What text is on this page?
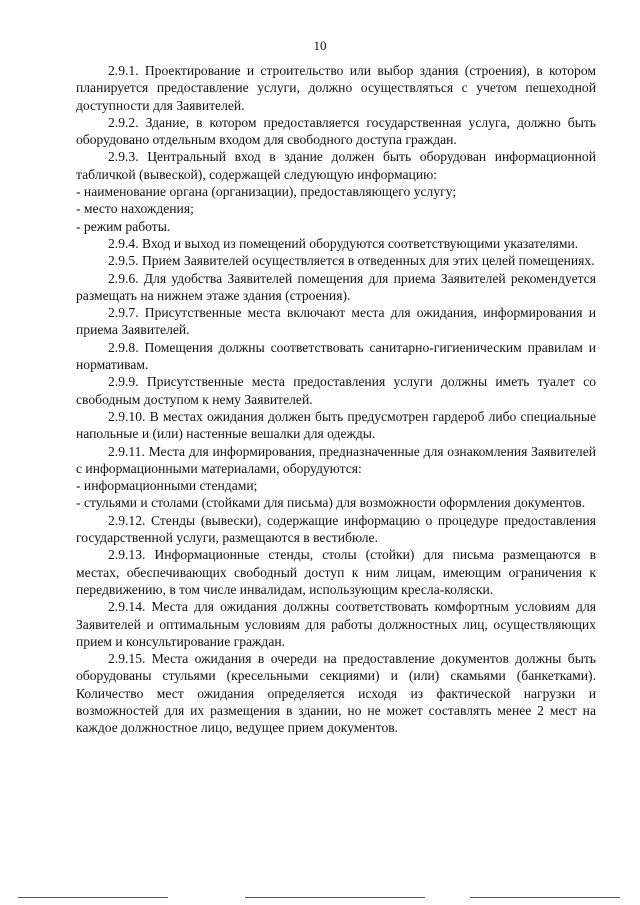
10

2.9.1. Проектирование и строительство или выбор здания (строения), в котором планируется предоставление услуги, должно осуществляться с учетом пешеходной доступности для Заявителей.

2.9.2. Здание, в котором предоставляется государственная услуга, должно быть оборудовано отдельным входом для свободного доступа граждан.

2.9.3. Центральный вход в здание должен быть оборудован информационной табличкой (вывеской), содержащей следующую информацию:

- наименование органа (организации), предоставляющего услугу;

- место нахождения;

- режим работы.

2.9.4. Вход и выход из помещений оборудуются соответствующими указателями.

2.9.5. Прием Заявителей осуществляется в отведенных для этих целей помещениях.

2.9.6. Для удобства Заявителей помещения для приема Заявителей рекомендуется размещать на нижнем этаже здания (строения).

2.9.7. Присутственные места включают места для ожидания, информирования и приема Заявителей.

2.9.8. Помещения должны соответствовать санитарно-гигиеническим правилам и нормативам.

2.9.9. Присутственные места предоставления услуги должны иметь туалет со свободным доступом к нему Заявителей.

2.9.10. В местах ожидания должен быть предусмотрен гардероб либо специальные напольные и (или) настенные вешалки для одежды.

2.9.11. Места для информирования, предназначенные для ознакомления Заявителей с информационными материалами, оборудуются:

- информационными стендами;

- стульями и столами (стойками для письма) для возможности оформления документов.

2.9.12. Стенды (вывески), содержащие информацию о процедуре предоставления государственной услуги, размещаются в вестибюле.

2.9.13. Информационные стенды, столы (стойки) для письма размещаются в местах, обеспечивающих свободный доступ к ним лицам, имеющим ограничения к передвижению, в том числе инвалидам, использующим кресла-коляски.

2.9.14. Места для ожидания должны соответствовать комфортным условиям для Заявителей и оптимальным условиям для работы должностных лиц, осуществляющих прием и консультирование граждан.

2.9.15. Места ожидания в очереди на предоставление документов должны быть оборудованы стульями (кресельными секциями) и (или) скамьями (банкетками). Количество мест ожидания определяется исходя из фактической нагрузки и возможностей для их размещения в здании, но не может составлять менее 2 мест на каждое должностное лицо, ведущее прием документов.
